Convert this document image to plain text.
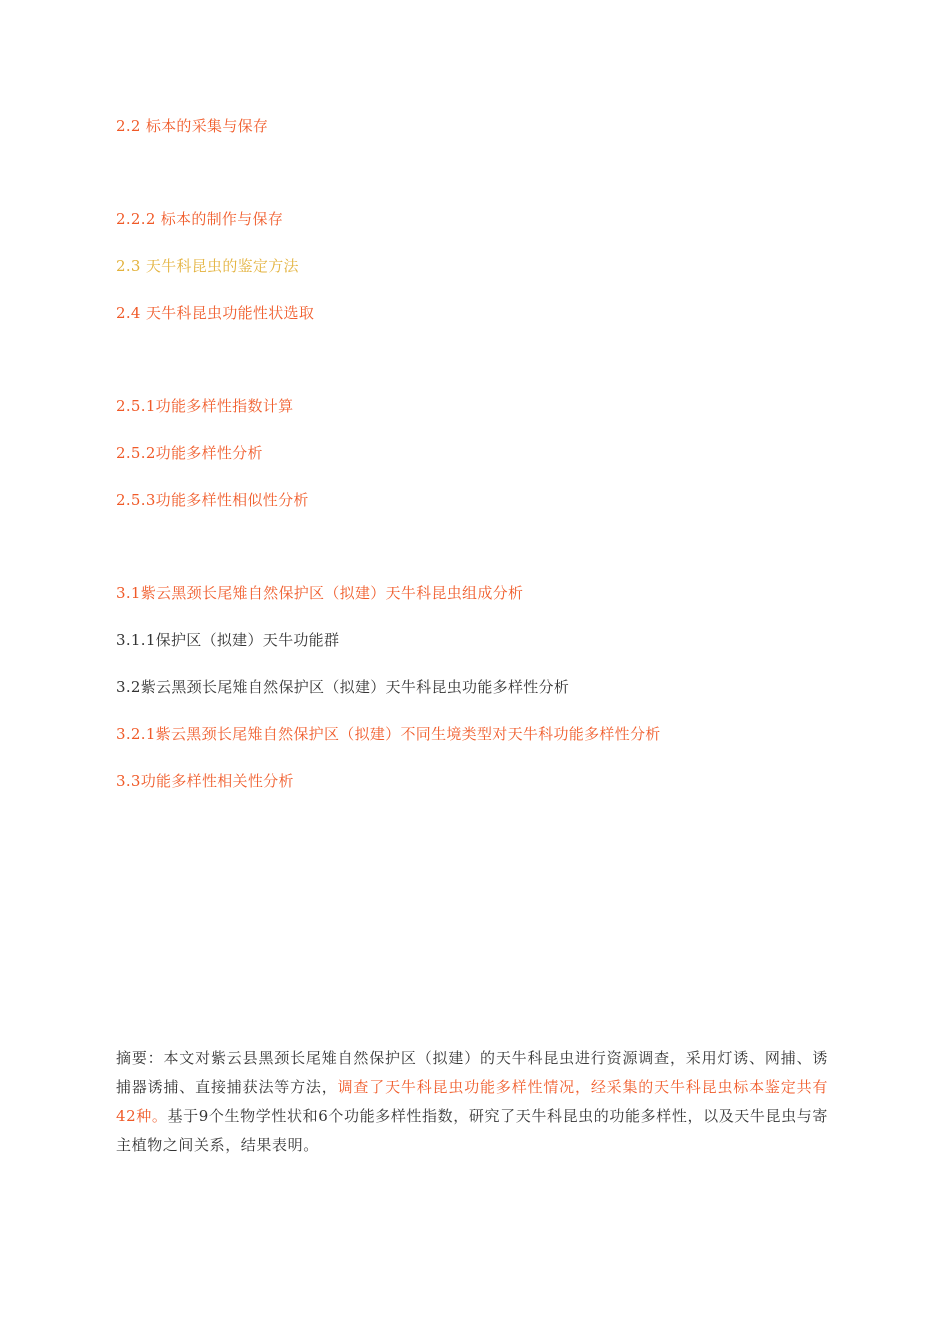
2.2 标本的采集与保存
2.2.2 标本的制作与保存
2.3 天牛科昆虫的鉴定方法
2.4 天牛科昆虫功能性状选取
2.5.1功能多样性指数计算
2.5.2功能多样性分析
2.5.3功能多样性相似性分析
3.1紫云黑颈长尾雉自然保护区（拟建）天牛科昆虫组成分析
3.1.1保护区（拟建）天牛功能群
3.2紫云黑颈长尾雉自然保护区（拟建）天牛科昆虫功能多样性分析
3.2.1紫云黑颈长尾雉自然保护区（拟建）不同生境类型对天牛科功能多样性分析
3.3功能多样性相关性分析

摘要：本文对紫云县黑颈长尾雉自然保护区（拟建）的天牛科昆虫进行资源调查，采用灯诱、网捕、诱捕器诱捕、直接捕获法等方法，调查了天牛科昆虫功能多样性情况，经采集的天牛科昆虫标本鉴定共有42种。基于9个生物学性状和6个功能多样性指数，研究了天牛科昆虫的功能多样性，以及天牛昆虫与寄主植物之间关系，结果表明。
